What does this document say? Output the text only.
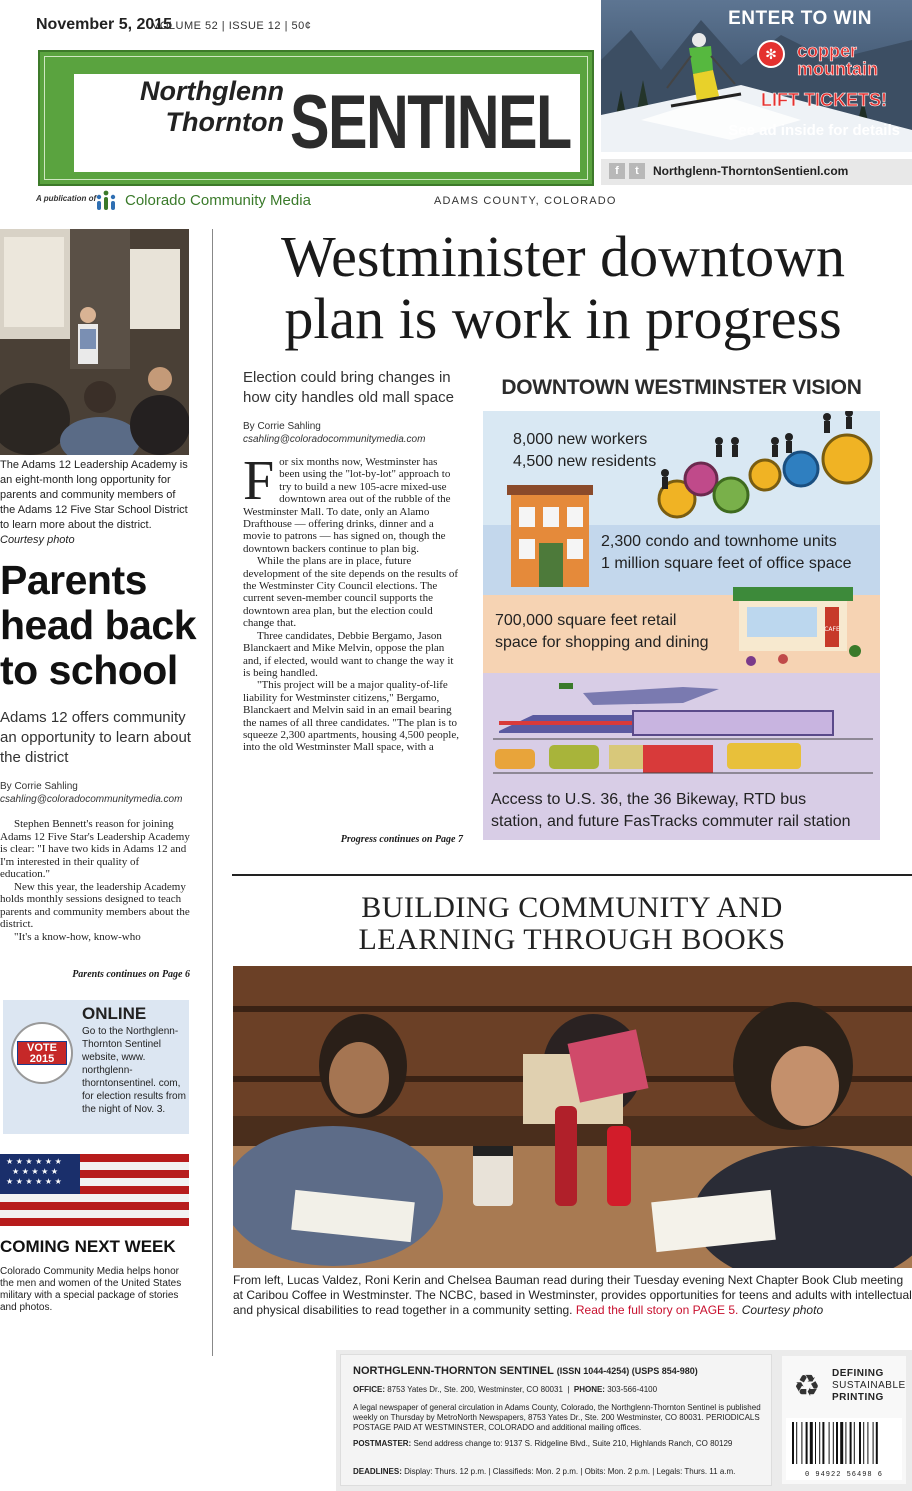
November 5, 2015
VOLUME 52 | ISSUE 12 | 50¢
Northglenn
Thornton SENTINEL
A publication of Colorado Community Media	ADAMS COUNTY, COLORADO
ENTER TO WIN
✻ copper
mountain
LIFT TICKETS!
See ad inside for details
f	t	Northglenn-ThorntonSentienl.com
The Adams 12 Leadership Academy is an eight-month long opportunity for parents and community members of the Adams 12 Five Star School District to learn more about the district.
Courtesy photo
Parents head back to school
Adams 12 offers community an opportunity to learn about the district
By Corrie Sahling
csahling@coloradocommunitymedia.com

Stephen Bennett's reason for joining Adams 12 Five Star's Leadership Academy is clear: "I have two kids in Adams 12 and I'm interested in their quality of education."

New this year, the leadership Academy holds monthly sessions designed to teach parents and community members about the district.

"It's a know-how, know-who

Parents continues on Page 6
VOTE
2015
ONLINE
Go to the Northglenn-Thornton Sentinel website, www. northglenn-thorntonsentinel. com, for election results from the night of Nov. 3.
★ ★ ★ ★ ★ ★
★ ★ ★ ★ ★
★ ★ ★ ★ ★ ★
COMING NEXT WEEK
Colorado Community Media helps honor the men and women of the United States military with a special package of stories and photos.
Westminister downtown plan is work in progress
Election could bring changes in how city handles old mall space
By Corrie Sahling
csahling@coloradocommunitymedia.com

For six months now, Westminster has been using the "lot-by-lot" approach to try to build a new 105-acre mixed-use downtown area out of the rubble of the Westminster Mall. To date, only an Alamo Drafthouse — offering drinks, dinner and a movie to patrons — has signed on, though the downtown backers continue to plan big.

While the plans are in place, future development of the site depends on the results of the Westminster City Council elections. The current seven-member council supports the downtown area plan, but the election could change that.

Three candidates, Debbie Bergamo, Jason Blanckaert and Mike Melvin, oppose the plan and, if elected, would want to change the way it is being handled.

"This project will be a major quality-of-life liability for Westminster citizens," Bergamo, Blanckaert and Melvin said in an email bearing the names of all three candidates. "The plan is to squeeze 2,300 apartments, housing 4,500 people, into the old Westminster Mall space, with a

Progress continues on Page 7
DOWNTOWN WESTMINSTER VISION
CAFE
8,000 new workers
4,500 new residents
2,300 condo and townhome units
1 million square feet of office space
700,000 square feet retail
space for shopping and dining
Access to U.S. 36, the 36 Bikeway, RTD bus
station, and future FasTracks commuter rail station
BUILDING COMMUNITY AND
LEARNING THROUGH BOOKS
From left, Lucas Valdez, Roni Kerin and Chelsea Bauman read during their Tuesday evening Next Chapter Book Club meeting at Caribou Coffee in Westminster. The NCBC, based in Westminster, provides opportunities for teens and adults with intellectual and physical disabilities to read together in a community setting. Read the full story on PAGE 5. Courtesy photo
NORTHGLENN-THORNTON SENTINEL (ISSN 1044-4254) (USPS 854-980)
OFFICE: 8753 Yates Dr., Ste. 200, Westminster, CO 80031  |  PHONE: 303-566-4100
A legal newspaper of general circulation in Adams County, Colorado, the Northglenn-Thornton Sentinel is published weekly on Thursday by MetroNorth Newspapers, 8753 Yates Dr., Ste. 200 Westminster, CO 80031. PERIODICALS POSTAGE PAID AT WESTMINSTER, COLORADO and additional mailing offices.
POSTMASTER: Send address change to: 9137 S. Ridgeline Blvd., Suite 210, Highlands Ranch, CO 80129
DEADLINES: Display: Thurs. 12 p.m. | Classifieds: Mon. 2 p.m. | Obits: Mon. 2 p.m. | Legals: Thurs. 11 a.m.
♻ DEFINING
SUSTAINABLE
PRINTING
0 94922 56498 6
